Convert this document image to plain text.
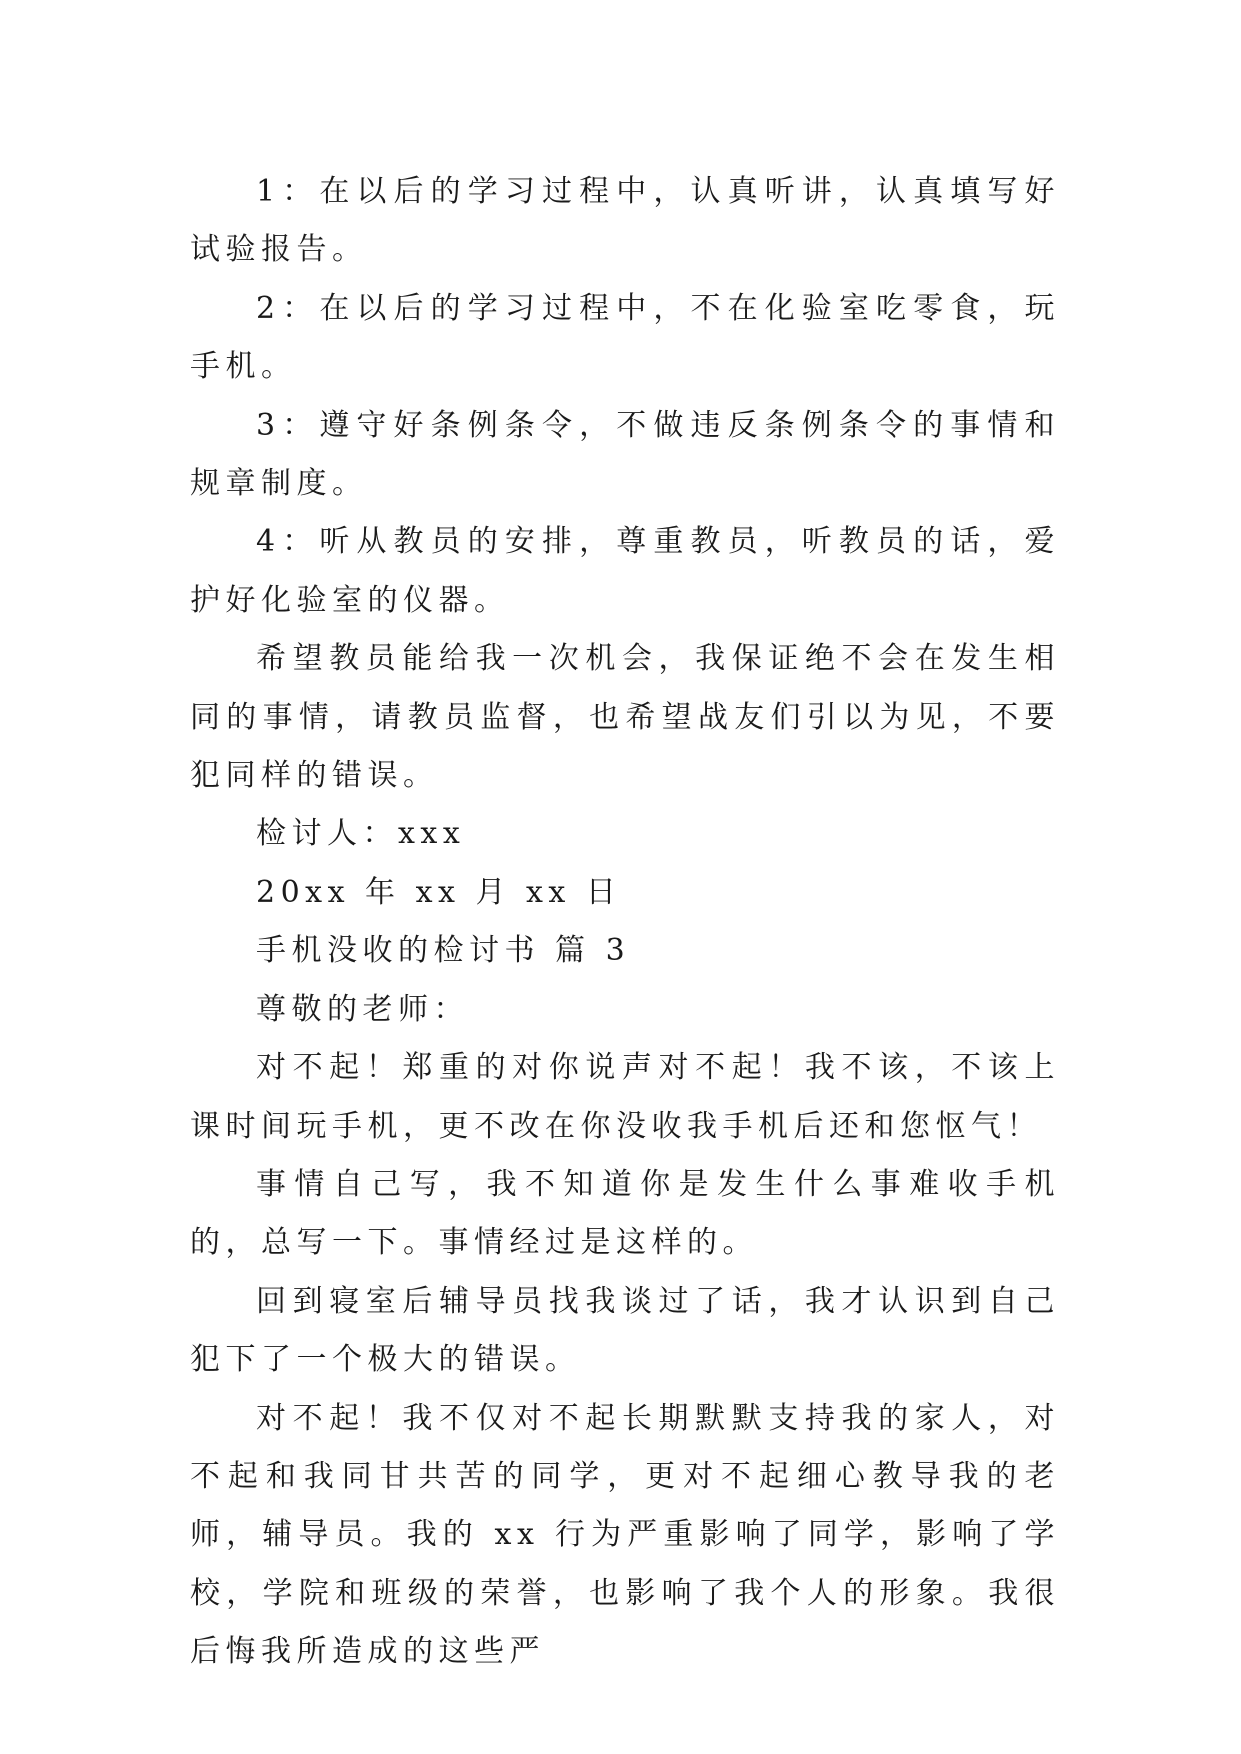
1：在以后的学习过程中，认真听讲，认真填写好试验报告。

2：在以后的学习过程中，不在化验室吃零食，玩手机。

3：遵守好条例条令，不做违反条例条令的事情和规章制度。

4：听从教员的安排，尊重教员，听教员的话，爱护好化验室的仪器。

希望教员能给我一次机会，我保证绝不会在发生相同的事情，请教员监督，也希望战友们引以为见，不要犯同样的错误。

检讨人：xxx

20xx 年 xx 月 xx 日

手机没收的检讨书 篇 3

尊敬的老师：

对不起！郑重的对你说声对不起！我不该，不该上课时间玩手机，更不改在你没收我手机后还和您怄气！

事情自己写，我不知道你是发生什么事难收手机的，总写一下。事情经过是这样的。

回到寝室后辅导员找我谈过了话，我才认识到自己犯下了一个极大的错误。

对不起！我不仅对不起长期默默支持我的家人，对不起和我同甘共苦的同学，更对不起细心教导我的老师，辅导员。我的 xx 行为严重影响了同学，影响了学校，学院和班级的荣誉，也影响了我个人的形象。我很后悔我所造成的这些严
